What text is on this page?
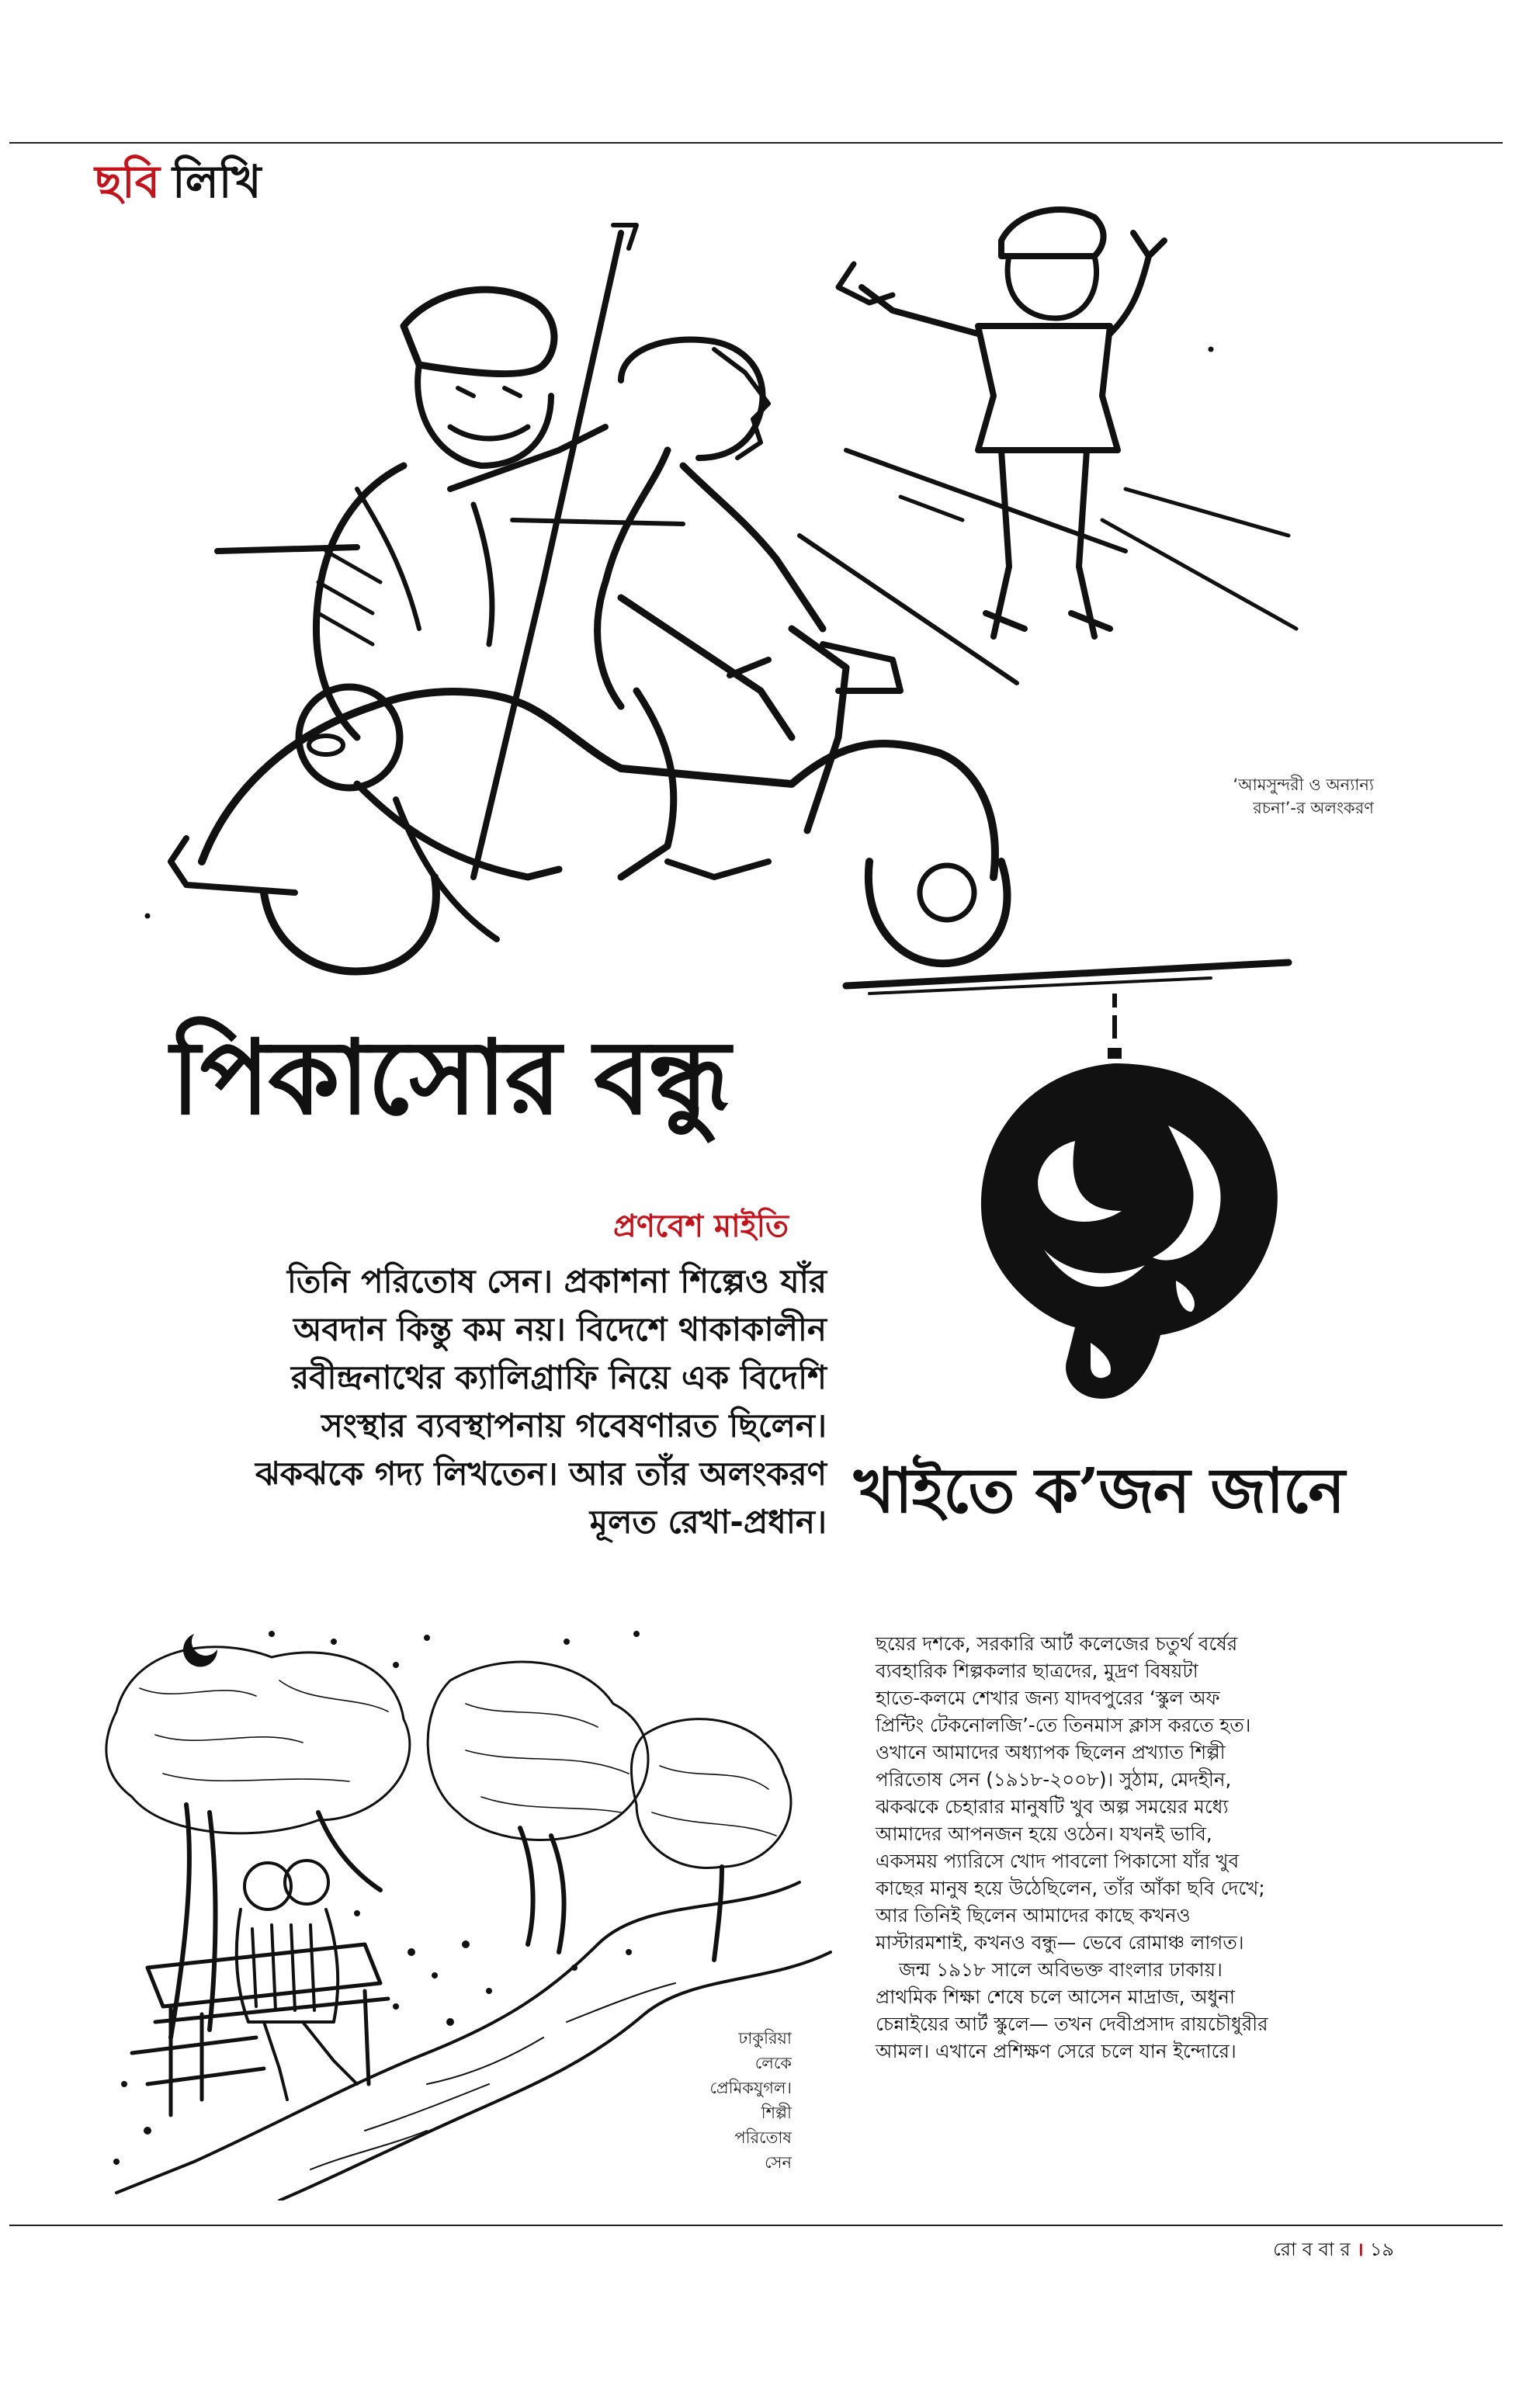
ছবি লিখি
‘আমসুন্দরী ও অন্যান্য
রচনা’-র অলংকরণ
পিকাসোর বন্ধু
প্রণবেশ মাইতি

তিনি পরিতোষ সেন। প্রকাশনা শিল্পেও যাঁর

অবদান কিন্তু কম নয়। বিদেশে থাকাকালীন

রবীন্দ্রনাথের ক্যালিগ্রাফি নিয়ে এক বিদেশি

সংস্থার ব্যবস্থাপনায় গবেষণারত ছিলেন।

ঝকঝকে গদ্য লিখতেন। আর তাঁর অলংকরণ

মূলত রেখা-প্রধান। খাইতে ক’জন জানে
ঢাকুরিয়া
লেকে
প্রেমিকযুগল।
শিল্পী
পরিতোষ
সেন

ছয়ের দশকে, সরকারি আর্ট কলেজের চতুর্থ বর্ষের

ব্যবহারিক শিল্পকলার ছাত্রদের, মুদ্রণ বিষয়টা

হাতে-কলমে শেখার জন্য যাদবপুরের ‘স্কুল অফ

প্রিন্টিং টেকনোলজি’-তে তিনমাস ক্লাস করতে হত।

ওখানে আমাদের অধ্যাপক ছিলেন প্রখ্যাত শিল্পী

পরিতোষ সেন (১৯১৮-২০০৮)। সুঠাম, মেদহীন,

ঝকঝকে চেহারার মানুষটি খুব অল্প সময়ের মধ্যে

আমাদের আপনজন হয়ে ওঠেন। যখনই ভাবি,

একসময় প্যারিসে খোদ পাবলো পিকাসো যাঁর খুব

কাছের মানুষ হয়ে উঠেছিলেন, তাঁর আঁকা ছবি দেখে;

আর তিনিই ছিলেন আমাদের কাছে কখনও

মাস্টারমশাই, কখনও বন্ধু— ভেবে রোমাঞ্চ লাগত।

জন্ম ১৯১৮ সালে অবিভক্ত বাংলার ঢাকায়।

প্রাথমিক শিক্ষা শেষে চলে আসেন মাদ্রাজ, অধুনা

চেন্নাইয়ের আর্ট স্কুলে— তখন দেবীপ্রসাদ রায়চৌধুরীর

আমল। এখানে প্রশিক্ষণ সেরে চলে যান ইন্দোরে।

রো ব বা র । ১৯
